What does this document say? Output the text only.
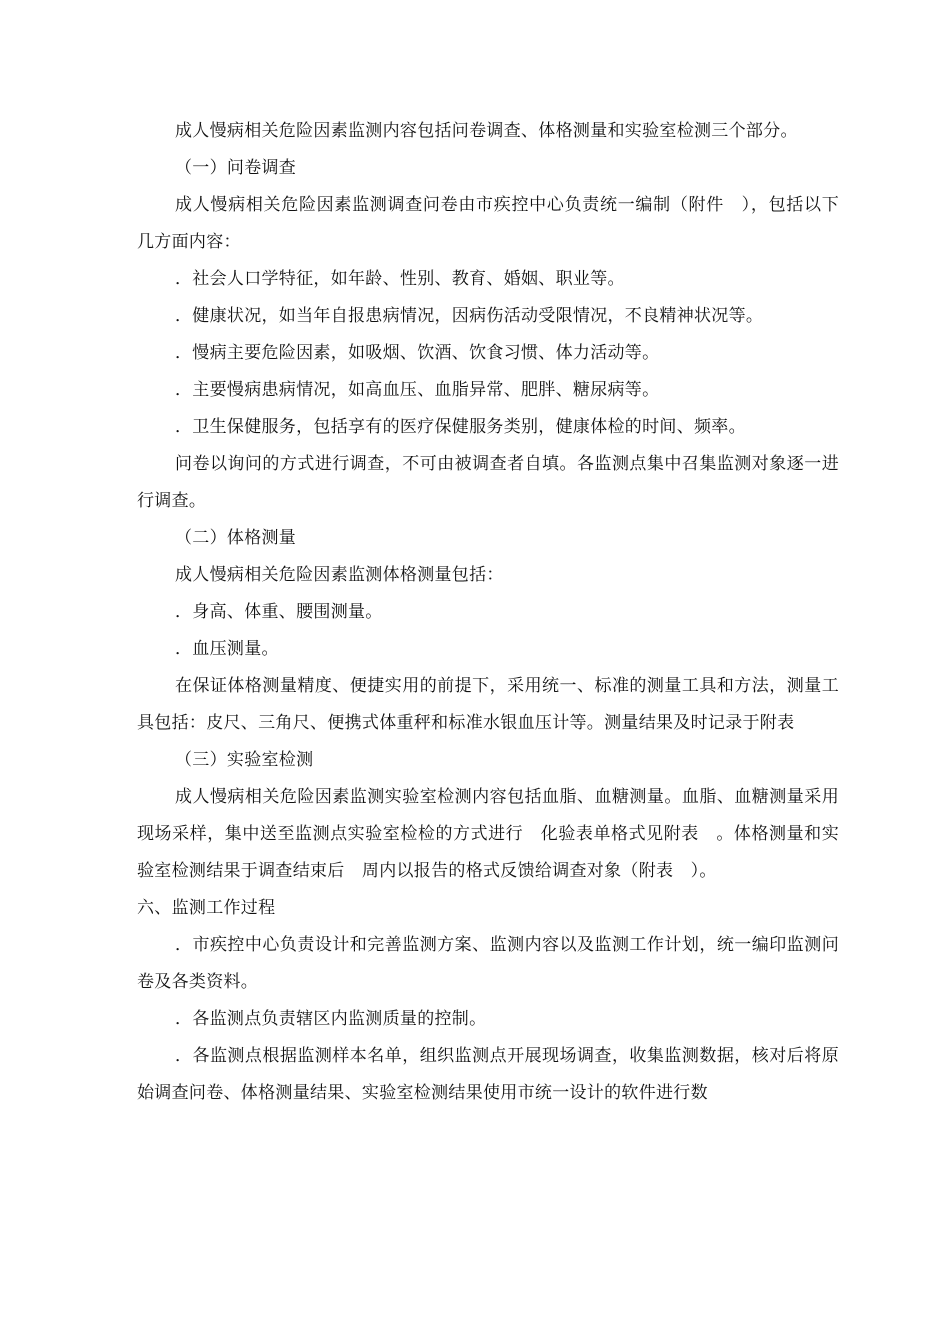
成人慢病相关危险因素监测内容包括问卷调查、体格测量和实验室检测三个部分。

（一）问卷调查

成人慢病相关危险因素监测调查问卷由市疾控中心负责统一编制（附件　），包括以下几方面内容：

．社会人口学特征，如年龄、性别、教育、婚姻、职业等。

．健康状况，如当年自报患病情况，因病伤活动受限情况，不良精神状况等。

．慢病主要危险因素，如吸烟、饮酒、饮食习惯、体力活动等。

．主要慢病患病情况，如高血压、血脂异常、肥胖、糖尿病等。

．卫生保健服务，包括享有的医疗保健服务类别，健康体检的时间、频率。

问卷以询问的方式进行调查，不可由被调查者自填。各监测点集中召集监测对象逐一进行调查。

（二）体格测量

成人慢病相关危险因素监测体格测量包括：

．身高、体重、腰围测量。

．血压测量。

在保证体格测量精度、便捷实用的前提下，采用统一、标准的测量工具和方法，测量工具包括：皮尺、三角尺、便携式体重秤和标准水银血压计等。测量结果及时记录于附表

（三）实验室检测

成人慢病相关危险因素监测实验室检测内容包括血脂、血糖测量。血脂、血糖测量采用现场采样，集中送至监测点实验室检检的方式进行　化验表单格式见附表　。体格测量和实验室检测结果于调查结束后　周内以报告的格式反馈给调查对象（附表　）。

六、监测工作过程

．市疾控中心负责设计和完善监测方案、监测内容以及监测工作计划，统一编印监测问卷及各类资料。

．各监测点负责辖区内监测质量的控制。

．各监测点根据监测样本名单，组织监测点开展现场调查，收集监测数据，核对后将原始调查问卷、体格测量结果、实验室检测结果使用市统一设计的软件进行数
